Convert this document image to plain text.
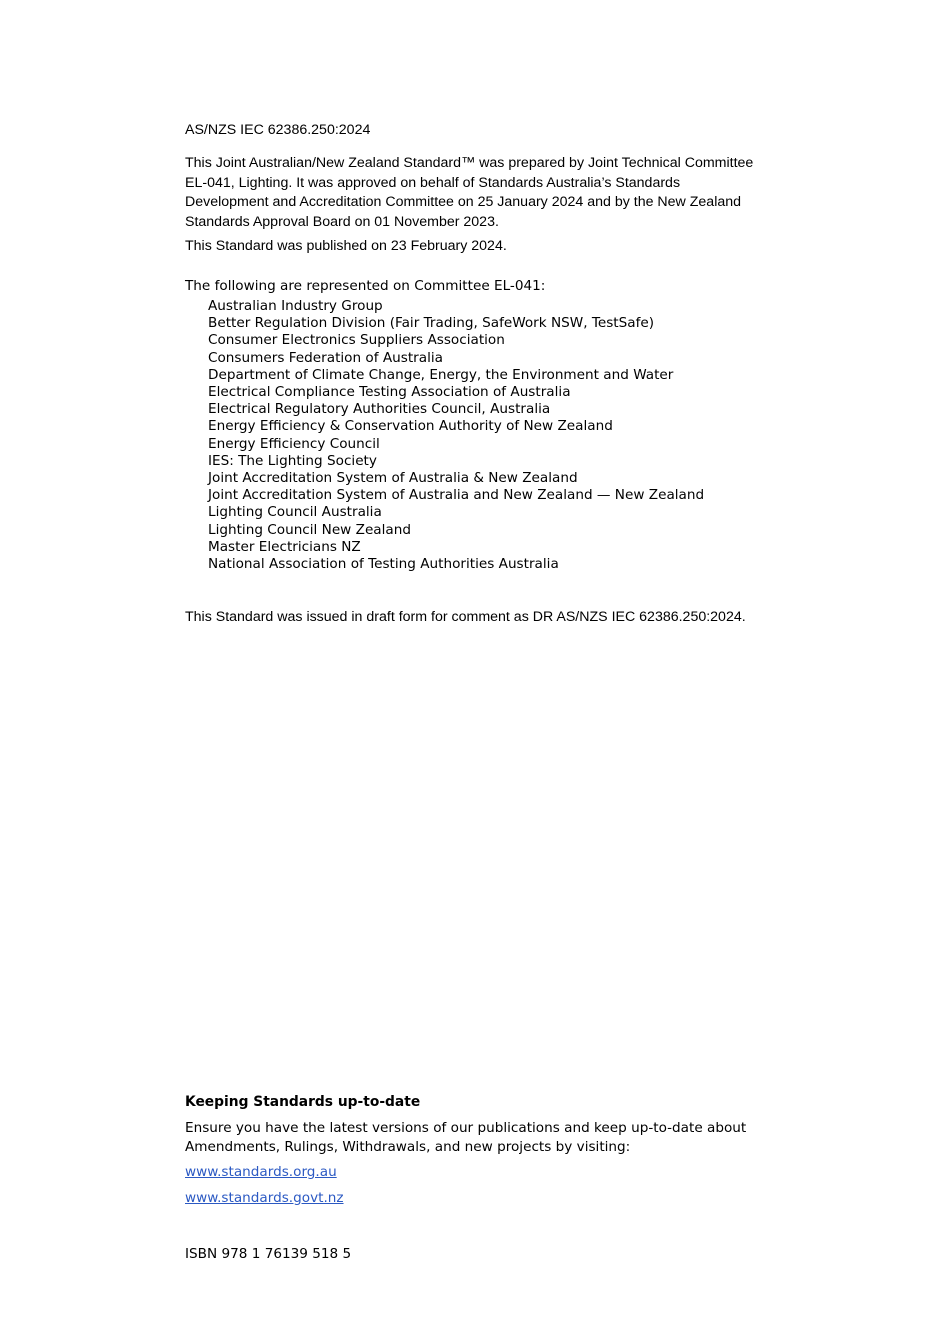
AS/NZS IEC 62386.250:2024
This Joint Australian/New Zealand Standard™ was prepared by Joint Technical Committee EL-041, Lighting. It was approved on behalf of Standards Australia’s Standards Development and Accreditation Committee on 25 January 2024 and by the New Zealand Standards Approval Board on 01 November 2023.
This Standard was published on 23 February 2024.
The following are represented on Committee EL-041:
Australian Industry Group
Better Regulation Division (Fair Trading, SafeWork NSW, TestSafe)
Consumer Electronics Suppliers Association
Consumers Federation of Australia
Department of Climate Change, Energy, the Environment and Water
Electrical Compliance Testing Association of Australia
Electrical Regulatory Authorities Council, Australia
Energy Efficiency & Conservation Authority of New Zealand
Energy Efficiency Council
IES: The Lighting Society
Joint Accreditation System of Australia & New Zealand
Joint Accreditation System of Australia and New Zealand — New Zealand
Lighting Council Australia
Lighting Council New Zealand
Master Electricians NZ
National Association of Testing Authorities Australia
This Standard was issued in draft form for comment as DR AS/NZS IEC 62386.250:2024.
Keeping Standards up-to-date
Ensure you have the latest versions of our publications and keep up-to-date about Amendments, Rulings, Withdrawals, and new projects by visiting:
www.standards.org.au
www.standards.govt.nz
ISBN 978 1 76139 518 5
